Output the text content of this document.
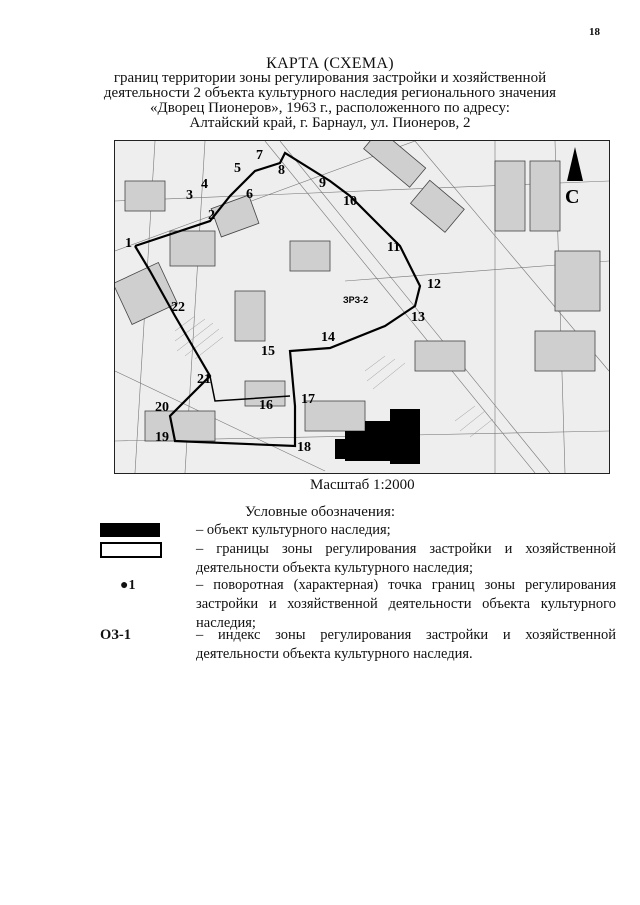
18
КАРТА (СХЕМА)
границ территории зоны регулирования застройки и хозяйственной
деятельности 2 объекта культурного наследия регионального значения
«Дворец Пионеров», 1963 г., расположенного по адресу:
Алтайский край, г. Барнаул, ул. Пионеров, 2
С
ЗРЗ-2
1
2
3
4
5
6
7
8
9
10
11
12
13
14
15
16 17
18
19
20
21
22
Масштаб 1:2000
Условные обозначения:
– объект культурного наследия;
– границы зоны регулирования застройки и хозяйственной деятельности объекта культурного наследия;
●1	– поворотная (характерная) точка границ зоны регулирования застройки и хозяйственной деятельности объекта культурного наследия;
ОЗ-1	– индекс зоны регулирования застройки и хозяйственной деятельности объекта культурного наследия.
